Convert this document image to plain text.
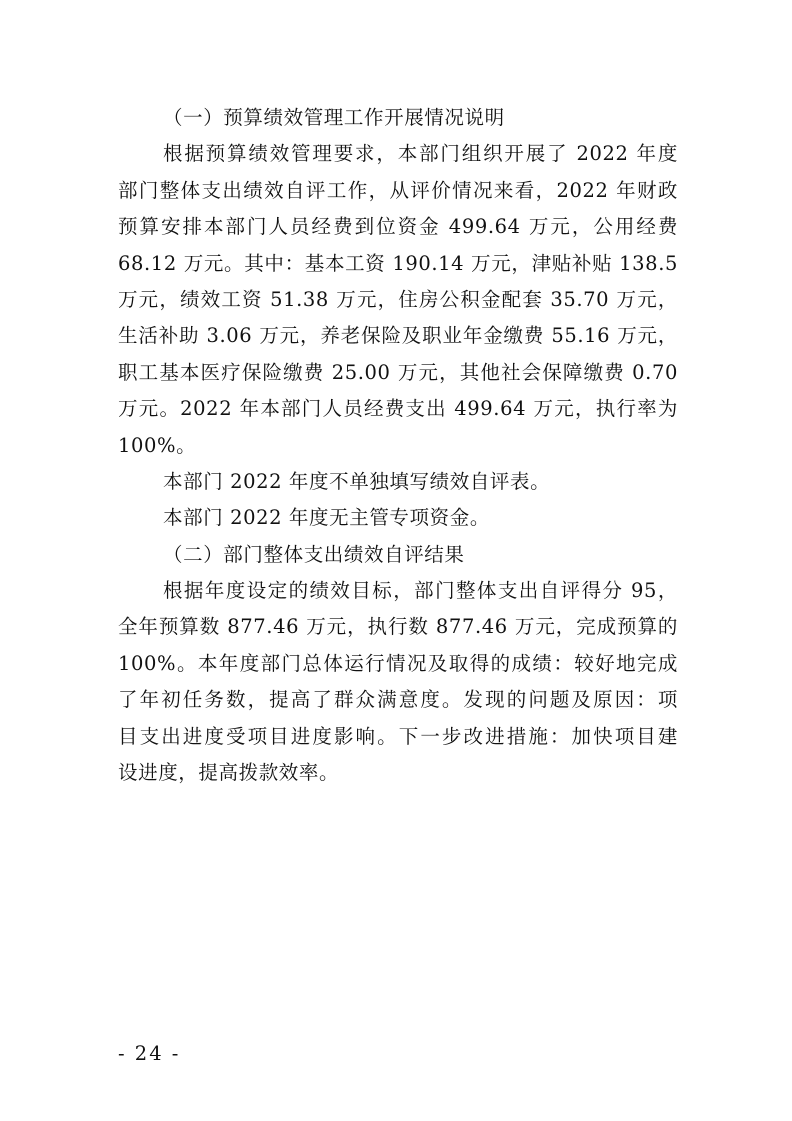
（一）预算绩效管理工作开展情况说明
根据预算绩效管理要求，本部门组织开展了 2022 年度
部门整体支出绩效自评工作，从评价情况来看，2022 年财政
预算安排本部门人员经费到位资金 499.64 万元，公用经费
68.12 万元。其中：基本工资 190.14 万元，津贴补贴 138.5
万元，绩效工资 51.38 万元，住房公积金配套 35.70 万元，
生活补助 3.06 万元，养老保险及职业年金缴费 55.16 万元，
职工基本医疗保险缴费 25.00 万元，其他社会保障缴费 0.70
万元。2022 年本部门人员经费支出 499.64 万元，执行率为
100%。
本部门 2022 年度不单独填写绩效自评表。
本部门 2022 年度无主管专项资金。
（二）部门整体支出绩效自评结果
根据年度设定的绩效目标，部门整体支出自评得分 95，
全年预算数 877.46 万元，执行数 877.46 万元，完成预算的
100%。本年度部门总体运行情况及取得的成绩：较好地完成
了年初任务数，提高了群众满意度。发现的问题及原因：项
目支出进度受项目进度影响。下一步改进措施：加快项目建
设进度，提高拨款效率。
- 24 -
